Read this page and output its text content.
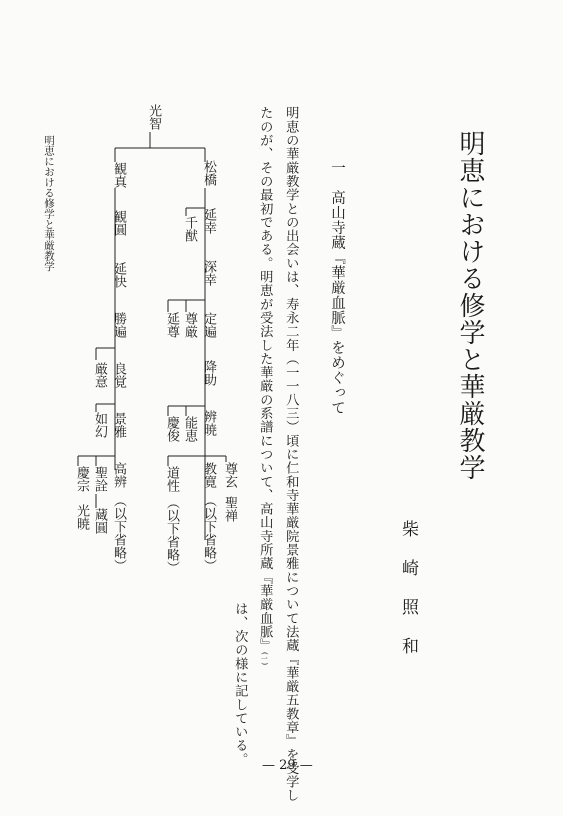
明恵における修学と華厳教学
柴崎照和
一　高山寺蔵『華厳血脈』をめぐって
明恵の華厳教学との出会いは、寿永二年（一一八三）頃に仁和寺華厳院景雅について法蔵『華厳五教章』を受学し
たのが、その最初である。明恵が受法した華厳の系譜について、高山寺所蔵『華厳血脈』(一)
は、次の様に記している。
明恵における修学と華厳教学
光智
松橋
延幸
深幸
定遍
降助
辨暁
教寛
（以下省略）
千猷
尊厳
延尊
能恵
慶俊
道性
（以下省略）
尊玄
聖禅
観真
観圓
延快
勝遍
良覚
景雅
高辨
（以下省略）
厳意
如幻
聖詮
蔵圓
慶宗
光暁
— 29 —
